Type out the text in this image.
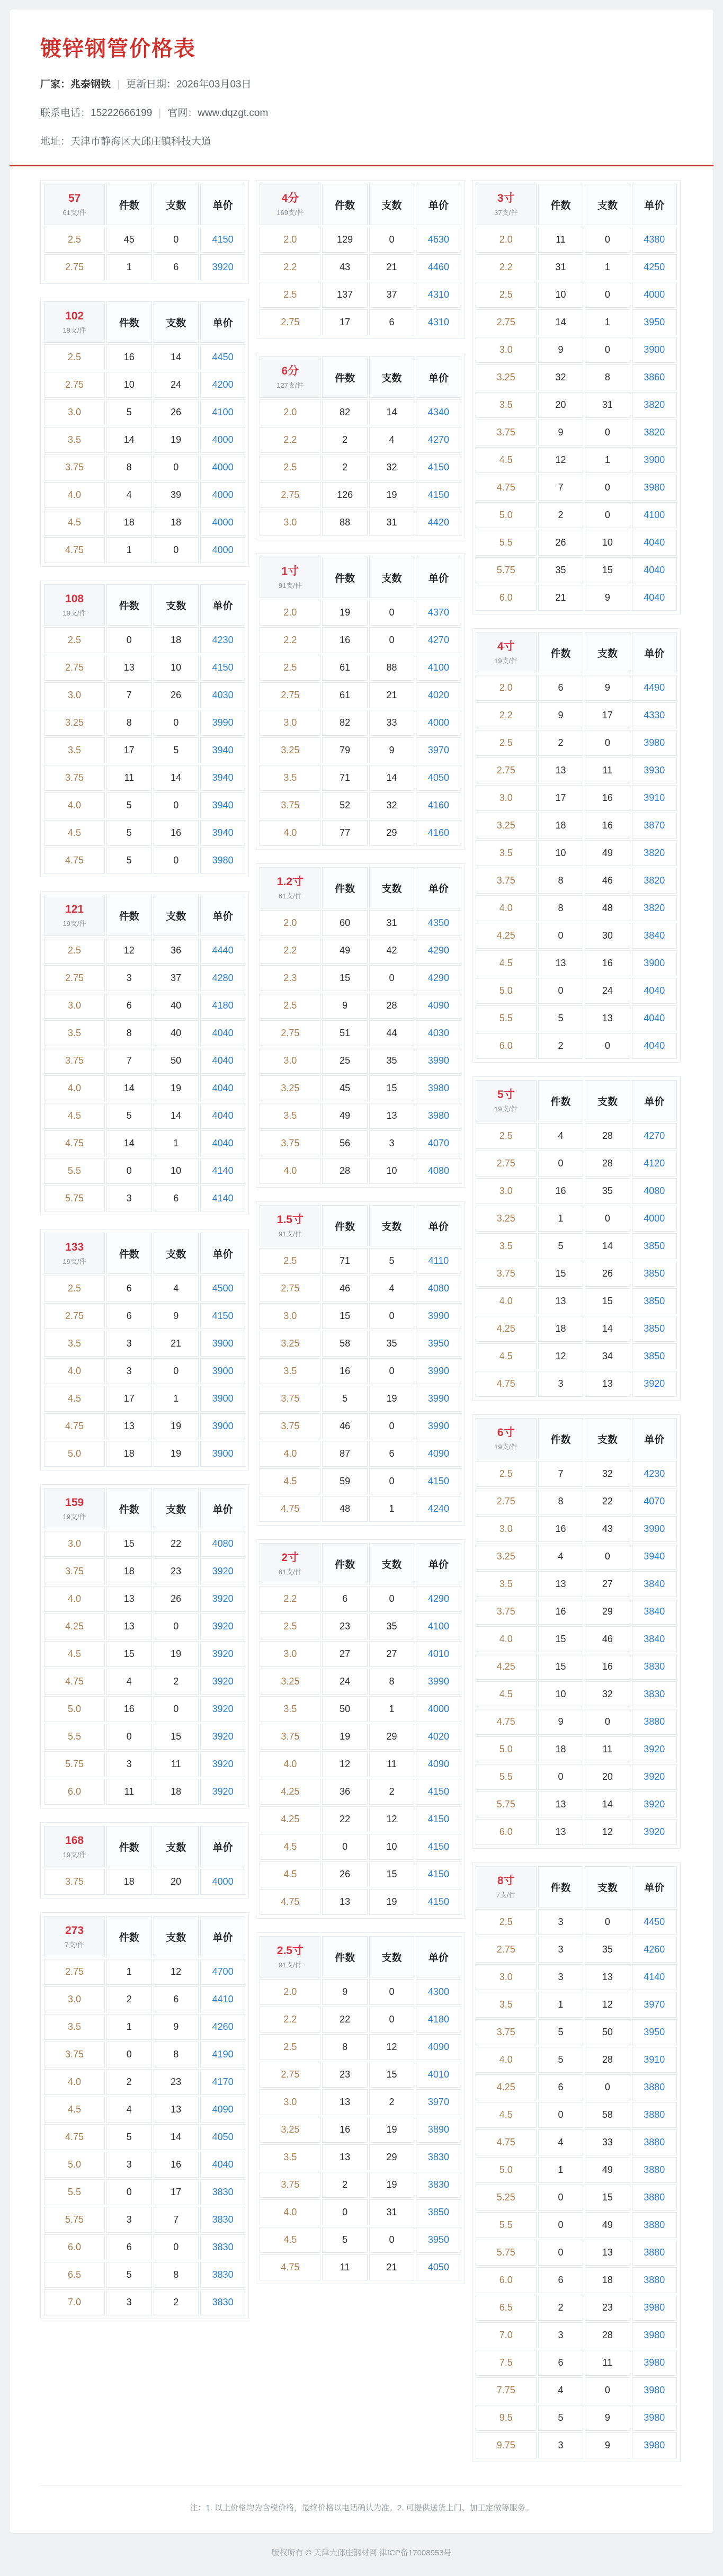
镀锌钢管价格表
厂家：兆泰钢铁 | 更新日期：2026年03月03日
联系电话：15222666199 | 官网：www.dqzgt.com
地址：天津市静海区大邱庄镇科技大道
57
61支/件	件数	支数	单价
2.5	45	0	4150
2.75	1	6	3920
102
19支/件	件数	支数	单价
2.5	16	14	4450
2.75	10	24	4200
3.0	5	26	4100
3.5	14	19	4000
3.75	8	0	4000
4.0	4	39	4000
4.5	18	18	4000
4.75	1	0	4000
108
19支/件	件数	支数	单价
2.5	0	18	4230
2.75	13	10	4150
3.0	7	26	4030
3.25	8	0	3990
3.5	17	5	3940
3.75	11	14	3940
4.0	5	0	3940
4.5	5	16	3940
4.75	5	0	3980
121
19支/件	件数	支数	单价
2.5	12	36	4440
2.75	3	37	4280
3.0	6	40	4180
3.5	8	40	4040
3.75	7	50	4040
4.0	14	19	4040
4.5	5	14	4040
4.75	14	1	4040
5.5	0	10	4140
5.75	3	6	4140
133
19支/件	件数	支数	单价
2.5	6	4	4500
2.75	6	9	4150
3.5	3	21	3900
4.0	3	0	3900
4.5	17	1	3900
4.75	13	19	3900
5.0	18	19	3900
159
19支/件	件数	支数	单价
3.0	15	22	4080
3.75	18	23	3920
4.0	13	26	3920
4.25	13	0	3920
4.5	15	19	3920
4.75	4	2	3920
5.0	16	0	3920
5.5	0	15	3920
5.75	3	11	3920
6.0	11	18	3920
168
19支/件	件数	支数	单价
3.75	18	20	4000
273
7支/件	件数	支数	单价
2.75	1	12	4700
3.0	2	6	4410
3.5	1	9	4260
3.75	0	8	4190
4.0	2	23	4170
4.5	4	13	4090
4.75	5	14	4050
5.0	3	16	4040
5.5	0	17	3830
5.75	3	7	3830
6.0	6	0	3830
6.5	5	8	3830
7.0	3	2	3830
4分
169支/件	件数	支数	单价
2.0	129	0	4630
2.2	43	21	4460
2.5	137	37	4310
2.75	17	6	4310
6分
127支/件	件数	支数	单价
2.0	82	14	4340
2.2	2	4	4270
2.5	2	32	4150
2.75	126	19	4150
3.0	88	31	4420
1寸
91支/件	件数	支数	单价
2.0	19	0	4370
2.2	16	0	4270
2.5	61	88	4100
2.75	61	21	4020
3.0	82	33	4000
3.25	79	9	3970
3.5	71	14	4050
3.75	52	32	4160
4.0	77	29	4160
1.2寸
61支/件	件数	支数	单价
2.0	60	31	4350
2.2	49	42	4290
2.3	15	0	4290
2.5	9	28	4090
2.75	51	44	4030
3.0	25	35	3990
3.25	45	15	3980
3.5	49	13	3980
3.75	56	3	4070
4.0	28	10	4080
1.5寸
91支/件	件数	支数	单价
2.5	71	5	4110
2.75	46	4	4080
3.0	15	0	3990
3.25	58	35	3950
3.5	16	0	3990
3.75	5	19	3990
3.75	46	0	3990
4.0	87	6	4090
4.5	59	0	4150
4.75	48	1	4240
2寸
61支/件	件数	支数	单价
2.2	6	0	4290
2.5	23	35	4100
3.0	27	27	4010
3.25	24	8	3990
3.5	50	1	4000
3.75	19	29	4020
4.0	12	11	4090
4.25	36	2	4150
4.25	22	12	4150
4.5	0	10	4150
4.5	26	15	4150
4.75	13	19	4150
2.5寸
91支/件	件数	支数	单价
2.0	9	0	4300
2.2	22	0	4180
2.5	8	12	4090
2.75	23	15	4010
3.0	13	2	3970
3.25	16	19	3890
3.5	13	29	3830
3.75	2	19	3830
4.0	0	31	3850
4.5	5	0	3950
4.75	11	21	4050
3寸
37支/件	件数	支数	单价
2.0	11	0	4380
2.2	31	1	4250
2.5	10	0	4000
2.75	14	1	3950
3.0	9	0	3900
3.25	32	8	3860
3.5	20	31	3820
3.75	9	0	3820
4.5	12	1	3900
4.75	7	0	3980
5.0	2	0	4100
5.5	26	10	4040
5.75	35	15	4040
6.0	21	9	4040
4寸
19支/件	件数	支数	单价
2.0	6	9	4490
2.2	9	17	4330
2.5	2	0	3980
2.75	13	11	3930
3.0	17	16	3910
3.25	18	16	3870
3.5	10	49	3820
3.75	8	46	3820
4.0	8	48	3820
4.25	0	30	3840
4.5	13	16	3900
5.0	0	24	4040
5.5	5	13	4040
6.0	2	0	4040
5寸
19支/件	件数	支数	单价
2.5	4	28	4270
2.75	0	28	4120
3.0	16	35	4080
3.25	1	0	4000
3.5	5	14	3850
3.75	15	26	3850
4.0	13	15	3850
4.25	18	14	3850
4.5	12	34	3850
4.75	3	13	3920
6寸
19支/件	件数	支数	单价
2.5	7	32	4230
2.75	8	22	4070
3.0	16	43	3990
3.25	4	0	3940
3.5	13	27	3840
3.75	16	29	3840
4.0	15	46	3840
4.25	15	16	3830
4.5	10	32	3830
4.75	9	0	3880
5.0	18	11	3920
5.5	0	20	3920
5.75	13	14	3920
6.0	13	12	3920
8寸
7支/件	件数	支数	单价
2.5	3	0	4450
2.75	3	35	4260
3.0	3	13	4140
3.5	1	12	3970
3.75	5	50	3950
4.0	5	28	3910
4.25	6	0	3880
4.5	0	58	3880
4.75	4	33	3880
5.0	1	49	3880
5.25	0	15	3880
5.5	0	49	3880
5.75	0	13	3880
6.0	6	18	3880
6.5	2	23	3980
7.0	3	28	3980
7.5	6	11	3980
7.75	4	0	3980
9.5	5	9	3980
9.75	3	9	3980
注：1. 以上价格均为含税价格，最终价格以电话确认为准。2. 可提供送货上门、加工定做等服务。
版权所有 © 天津大邱庄钢材网 津ICP备17008953号
